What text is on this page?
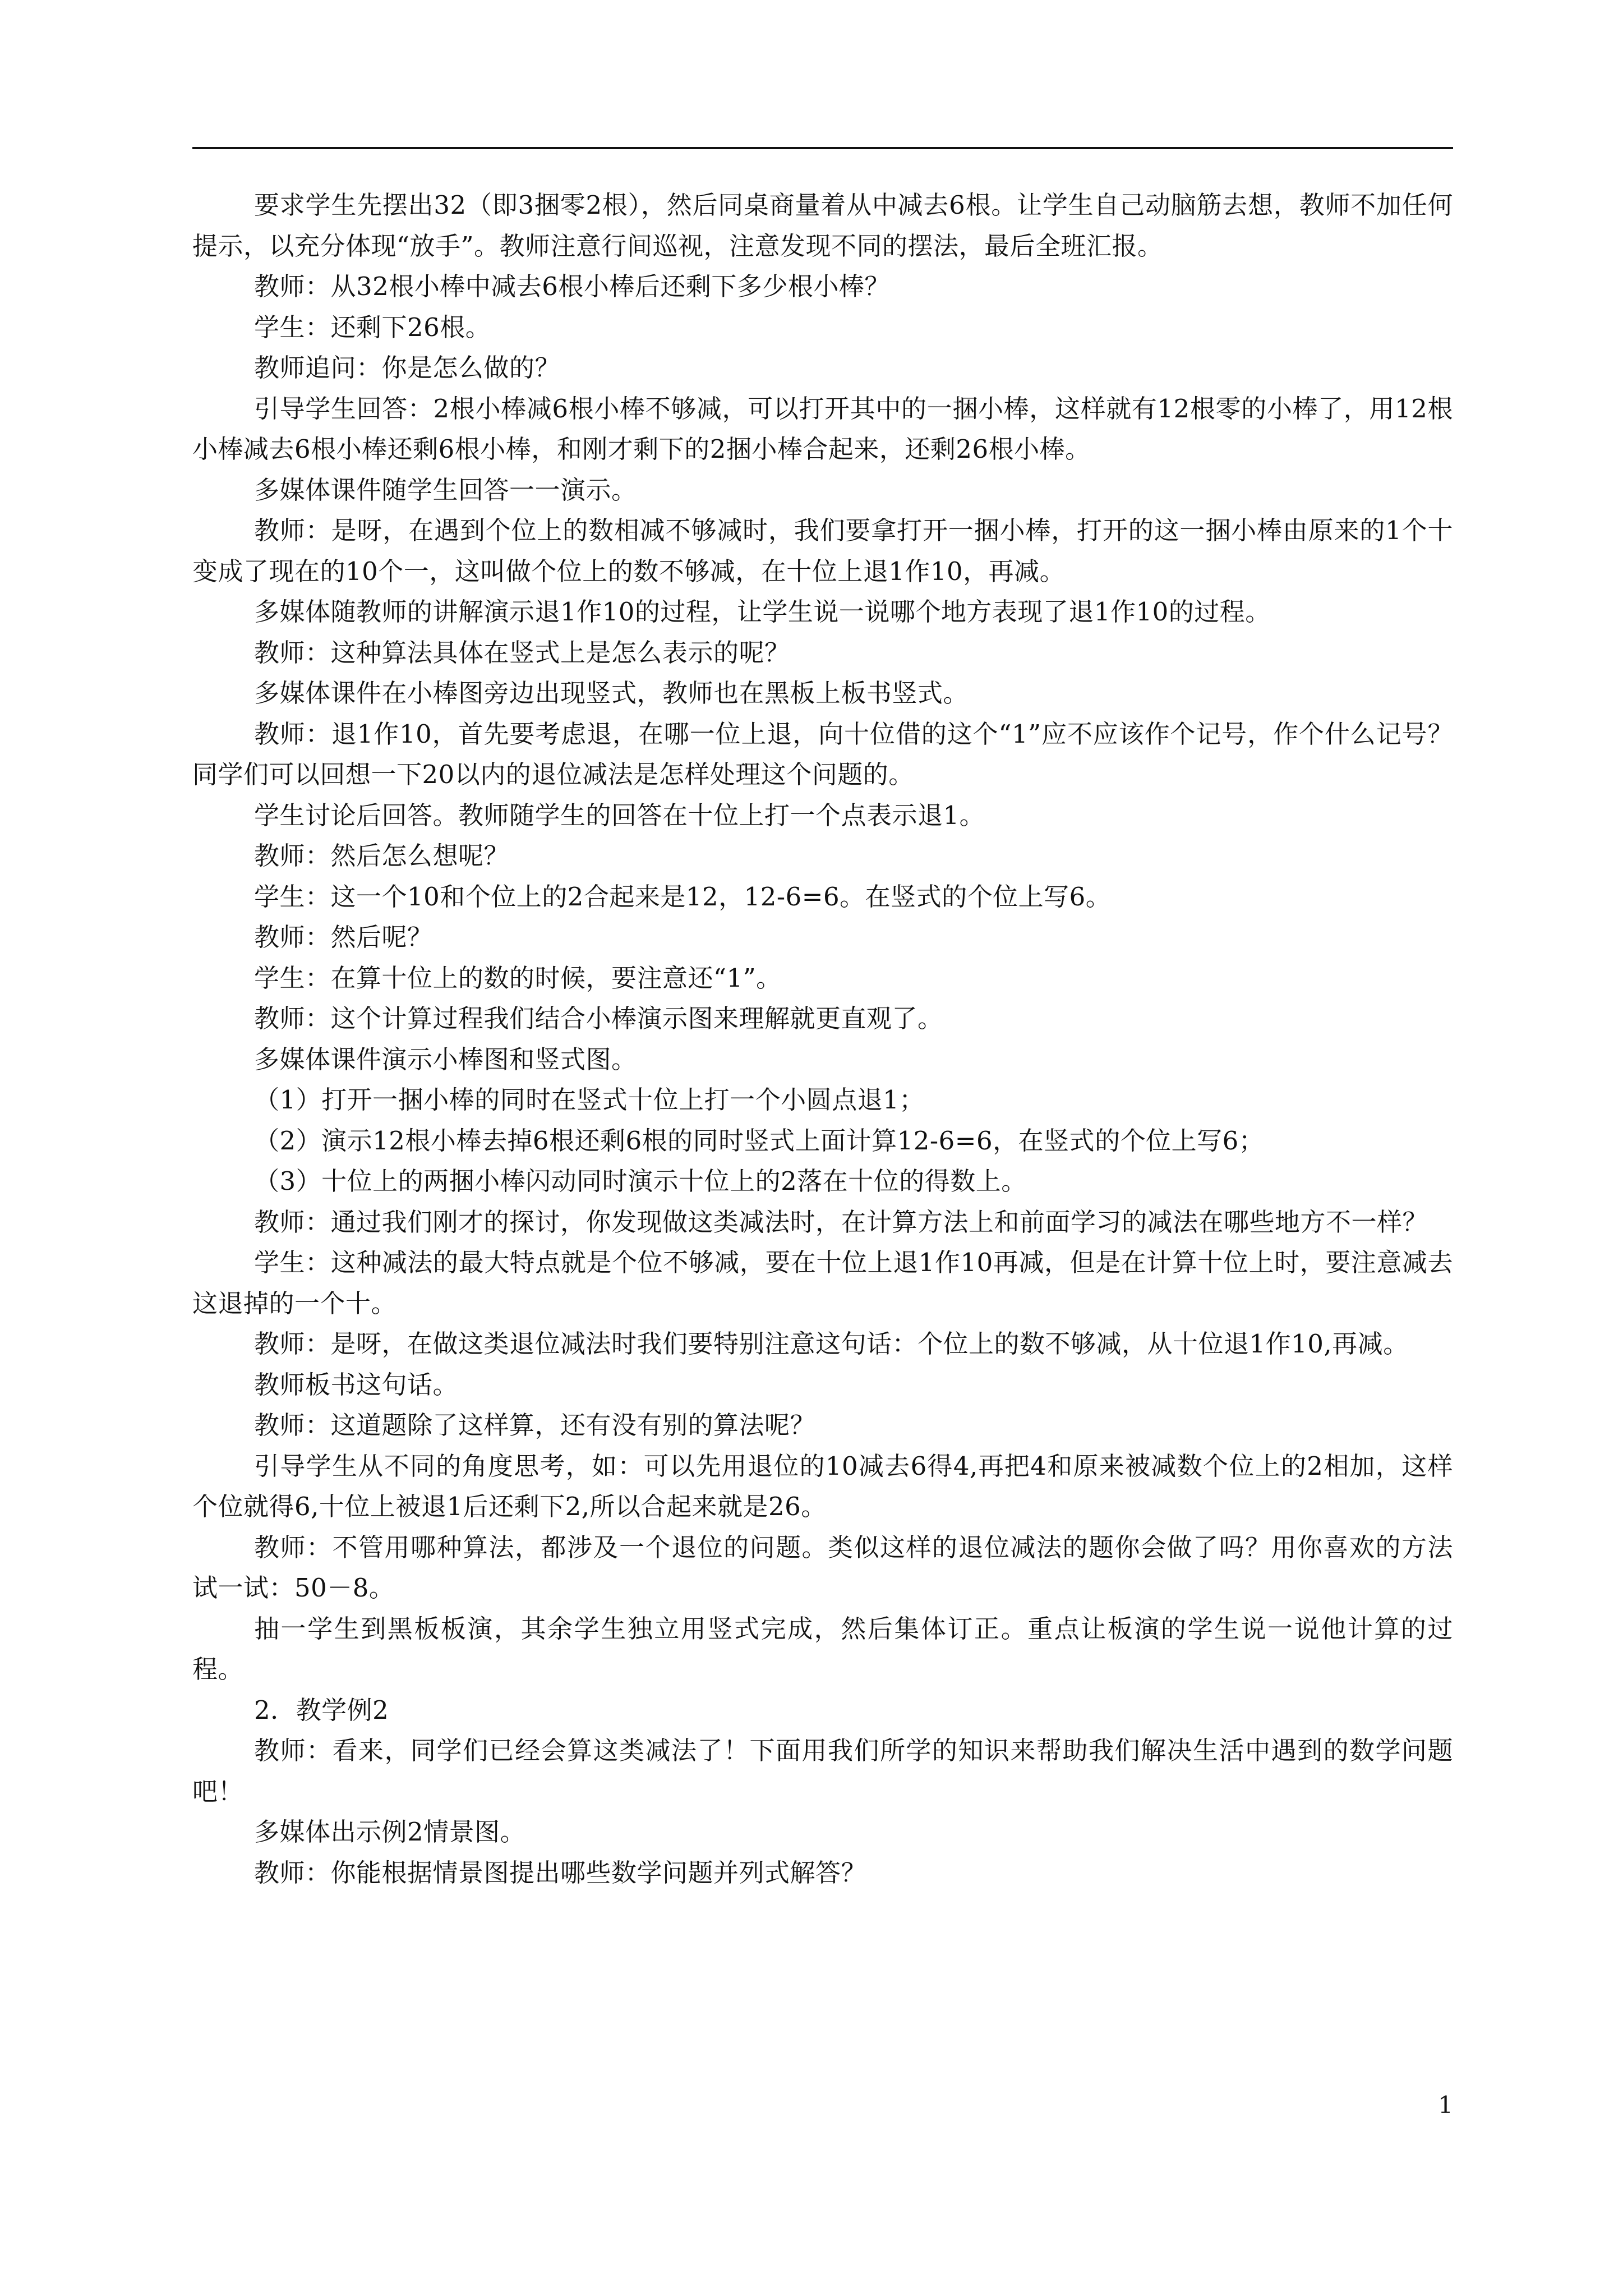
要求学生先摆出32（即3捆零2根），然后同桌商量着从中减去6根。让学生自己动脑筋去想，教师不加任何提示，以充分体现“放手”。教师注意行间巡视，注意发现不同的摆法，最后全班汇报。

教师：从32根小棒中减去6根小棒后还剩下多少根小棒？

学生：还剩下26根。

教师追问：你是怎么做的？

引导学生回答：2根小棒减6根小棒不够减，可以打开其中的一捆小棒，这样就有12根零的小棒了，用12根小棒减去6根小棒还剩6根小棒，和刚才剩下的2捆小棒合起来，还剩26根小棒。

多媒体课件随学生回答一一演示。

教师：是呀，在遇到个位上的数相减不够减时，我们要拿打开一捆小棒，打开的这一捆小棒由原来的1个十变成了现在的10个一，这叫做个位上的数不够减，在十位上退1作10，再减。

多媒体随教师的讲解演示退1作10的过程，让学生说一说哪个地方表现了退1作10的过程。

教师：这种算法具体在竖式上是怎么表示的呢？

多媒体课件在小棒图旁边出现竖式，教师也在黑板上板书竖式。

教师：退1作10，首先要考虑退，在哪一位上退，向十位借的这个“1”应不应该作个记号，作个什么记号？同学们可以回想一下20以内的退位减法是怎样处理这个问题的。

学生讨论后回答。教师随学生的回答在十位上打一个点表示退1。

教师：然后怎么想呢？

学生：这一个10和个位上的2合起来是12，12-6=6。在竖式的个位上写6。

教师：然后呢？

学生：在算十位上的数的时候，要注意还“1”。

教师：这个计算过程我们结合小棒演示图来理解就更直观了。

多媒体课件演示小棒图和竖式图。

（1）打开一捆小棒的同时在竖式十位上打一个小圆点退1；

（2）演示12根小棒去掉6根还剩6根的同时竖式上面计算12-6=6，在竖式的个位上写6；

（3）十位上的两捆小棒闪动同时演示十位上的2落在十位的得数上。

教师：通过我们刚才的探讨，你发现做这类减法时，在计算方法上和前面学习的减法在哪些地方不一样？

学生：这种减法的最大特点就是个位不够减，要在十位上退1作10再减，但是在计算十位上时，要注意减去这退掉的一个十。

教师：是呀，在做这类退位减法时我们要特别注意这句话：个位上的数不够减，从十位退1作10,再减。

教师板书这句话。

教师：这道题除了这样算，还有没有别的算法呢？

引导学生从不同的角度思考，如：可以先用退位的10减去6得4,再把4和原来被减数个位上的2相加，这样个位就得6,十位上被退1后还剩下2,所以合起来就是26。

教师：不管用哪种算法，都涉及一个退位的问题。类似这样的退位减法的题你会做了吗？用你喜欢的方法试一试：50－8。

抽一学生到黑板板演，其余学生独立用竖式完成，然后集体订正。重点让板演的学生说一说他计算的过程。

2．教学例2

教师：看来，同学们已经会算这类减法了！下面用我们所学的知识来帮助我们解决生活中遇到的数学问题吧！

多媒体出示例2情景图。

教师：你能根据情景图提出哪些数学问题并列式解答？

1
